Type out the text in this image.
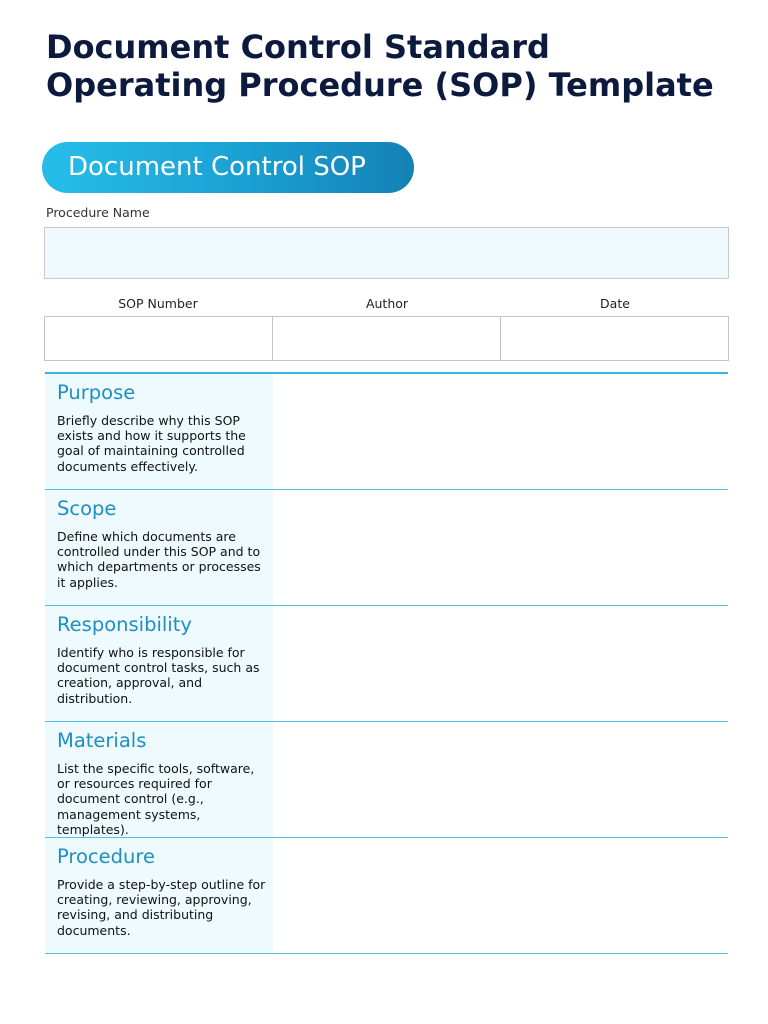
Document Control Standard Operating Procedure (SOP) Template
Document Control SOP
Procedure Name
SOP Number	Author	Date
Purpose

Briefly describe why this SOP exists and how it supports the goal of maintaining controlled documents effectively.

Scope

Define which documents are controlled under this SOP and to which departments or processes it applies.

Responsibility

Identify who is responsible for document control tasks, such as creation, approval, and distribution.

Materials

List the specific tools, software, or resources required for document control (e.g., management systems, templates).

Procedure

Provide a step-by-step outline for creating, reviewing, approving, revising, and distributing documents.
